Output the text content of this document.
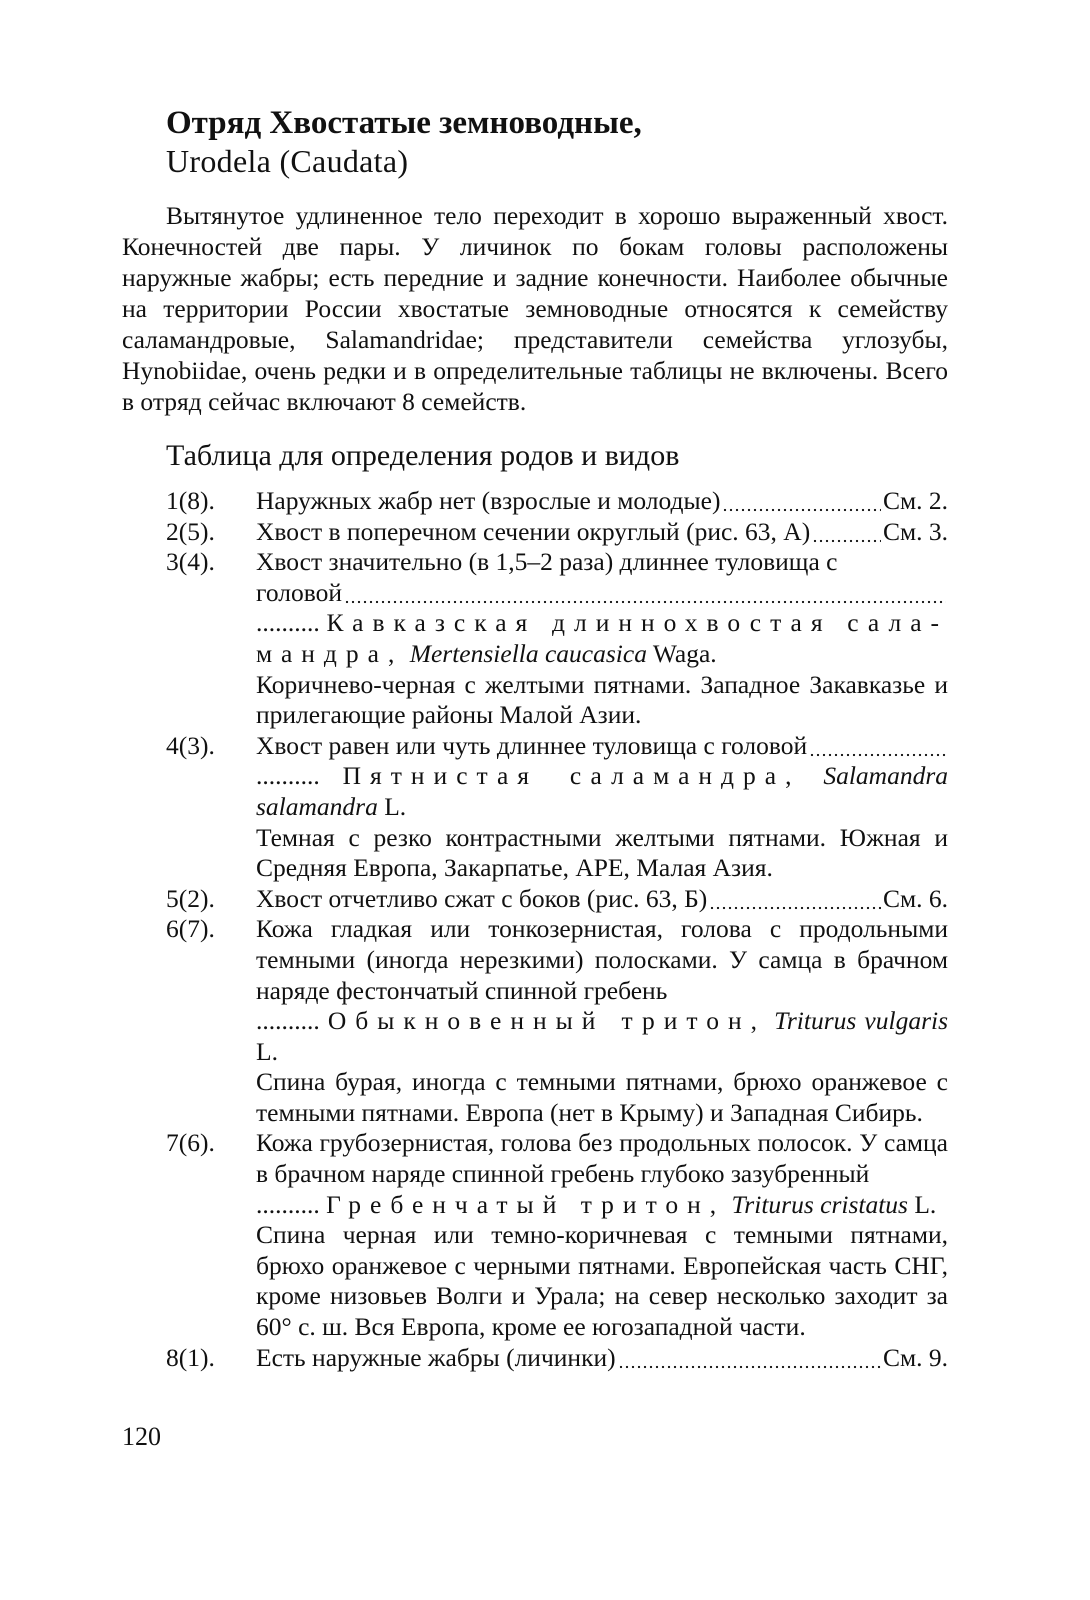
Отряд Хвостатые земноводные,
Urodela (Caudata)
Вытянутое удлиненное тело переходит в хорошо выраженный хвост. Конечностей две пары. У личинок по бокам головы расположены наружные жабры; есть передние и задние конечности. Наиболее обычные на территории России хвостатые земноводные относятся к семейству саламандровые, Salamandridae; представители семейства углозубы, Hynobiidae, очень редки и в определительные таблицы не включены. Всего в отряд сейчас включают 8 семейств.
Таблица для определения родов и видов
1(8).	Наружных жабр нет (взрослые и молодые)	См. 2.
2(5).	Хвост в поперечном сечении округлый (рис. 63, А)	См. 3.
3(4).	Хвост значительно (в 1,5–2 раза) длиннее туловища с
головой
.......... Кавказская длиннохвостая сала-мандра, Mertensiella caucasica Waga.
Коричнево-черная с желтыми пятнами. Западное Закавказье и прилегающие районы Малой Азии.
4(3).	Хвост равен или чуть длиннее туловища с головой
.......... Пятнистая саламандра, Salamandra salamandra L.
Темная с резко контрастными желтыми пятнами. Южная и Средняя Европа, Закарпатье, АРЕ, Малая Азия.
5(2).	Хвост отчетливо сжат с боков (рис. 63, Б)	См. 6.
6(7).	Кожа гладкая или тонкозернистая, голова с продольными темными (иногда нерезкими) полосками. У самца в брачном наряде фестончатый спинной гребень
.......... Обыкновенный тритон, Triturus vulgaris L.
Спина бурая, иногда с темными пятнами, брюхо оранжевое с темными пятнами. Европа (нет в Крыму) и Западная Сибирь.
7(6).	Кожа грубозернистая, голова без продольных полосок. У самца в брачном наряде спинной гребень глубоко зазубренный
.......... Гребенчатый тритон, Triturus cristatus L.
Спина черная или темно-коричневая с темными пятнами, брюхо оранжевое с черными пятнами. Европейская часть СНГ, кроме низовьев Волги и Урала; на север несколько заходит за 60° с. ш. Вся Европа, кроме ее югозападной части.
8(1).	Есть наружные жабры (личинки)	См. 9.
120
